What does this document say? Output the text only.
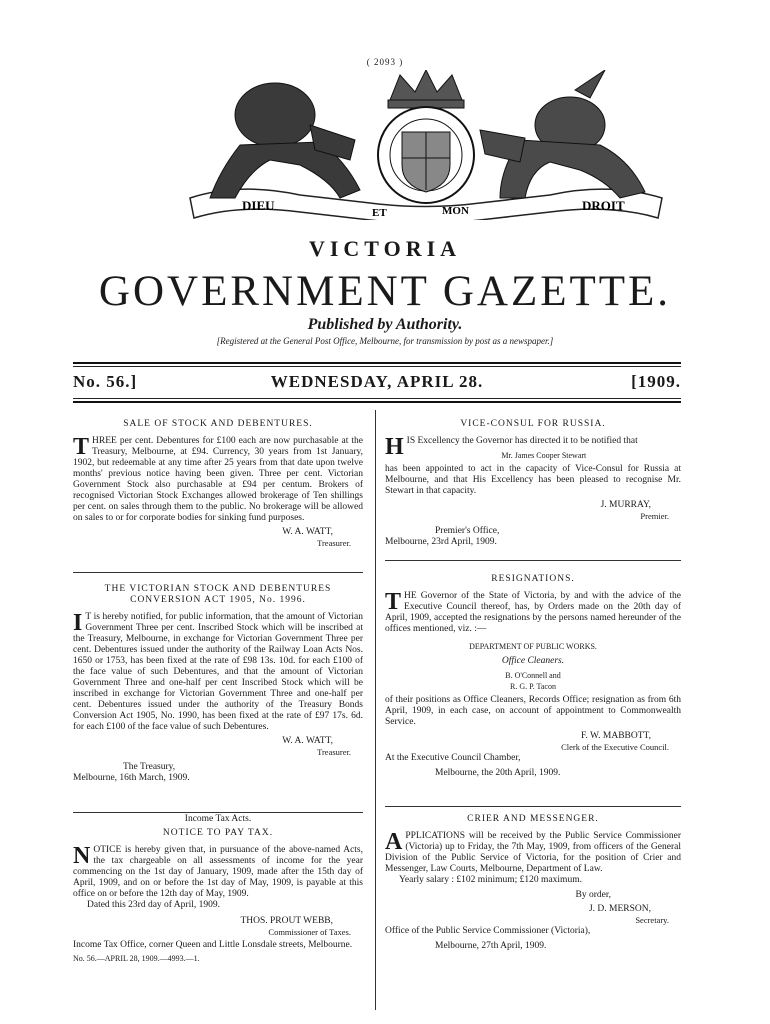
( 2093 )
DIEU	ET	MON	DROIT
VICTORIA
GOVERNMENT GAZETTE.
Published by Authority.
[Registered at the General Post Office, Melbourne, for transmission by post as a newspaper.]
No. 56.]	WEDNESDAY, APRIL 28.	[1909.
SALE OF STOCK AND DEBENTURES.

THREE per cent. Debentures for £100 each are now purchasable at the Treasury, Melbourne, at £94. Currency, 30 years from 1st January, 1902, but redeemable at any time after 25 years from that date upon twelve months' previous notice having been given. Three per cent. Victorian Government Stock also purchasable at £94 per centum. Brokers of recognised Victorian Stock Exchanges allowed brokerage of Ten shillings per cent. on sales through them to the public. No brokerage will be allowed on sales to or for corporate bodies for sinking fund purposes.

W. A. WATT,
Treasurer.
THE VICTORIAN STOCK AND DEBENTURES CONVERSION ACT 1905, No. 1996.

I T is hereby notified, for public information, that the amount of Victorian Government Three per cent. Inscribed Stock which will be inscribed at the Treasury, Melbourne, in exchange for Victorian Government Three per cent. Debentures issued under the authority of the Railway Loan Acts Nos. 1650 or 1753, has been fixed at the rate of £98 13s. 10d. for each £100 of the face value of such Debentures, and that the amount of Victorian Government Three and one-half per cent Inscribed Stock which will be inscribed in exchange for Victorian Government Three and one-half per cent. Debentures issued under the authority of the Treasury Bonds Conversion Act 1905, No. 1990, has been fixed at the rate of £97 17s. 6d. for each £100 of the face value of such Debentures.

W. A. WATT,
Treasurer.
The Treasury,
Melbourne, 16th March, 1909.
Income Tax Acts.
NOTICE TO PAY TAX.

NOTICE is hereby given that, in pursuance of the above-named Acts, the tax chargeable on all assessments of income for the year commencing on the 1st day of January, 1909, made after the 15th day of April, 1909, and on or before the 1st day of May, 1909, is payable at this office on or before the 12th day of May, 1909.

Dated this 23rd day of April, 1909.

THOS. PROUT WEBB,
Commissioner of Taxes.

Income Tax Office, corner Queen and Little Lonsdale streets, Melbourne.

No. 56.—APRIL 28, 1909.—4993.—1.

VICE-CONSUL FOR RUSSIA.

HIS Excellency the Governor has directed it to be notified that

Mr. James Cooper Stewart

has been appointed to act in the capacity of Vice-Consul for Russia at Melbourne, and that His Excellency has been pleased to recognise Mr. Stewart in that capacity.

J. MURRAY,
Premier.
Premier's Office,
Melbourne, 23rd April, 1909.
RESIGNATIONS.

THE Governor of the State of Victoria, by and with the advice of the Executive Council thereof, has, by Orders made on the 20th day of April, 1909, accepted the resignations by the persons named hereunder of the offices mentioned, viz. :—

DEPARTMENT OF PUBLIC WORKS.

Office Cleaners.

B. O'Connell and

R. G. P. Tacon

of their positions as Office Cleaners, Records Office; resignation as from 6th April, 1909, in each case, on account of appointment to Commonwealth Service.

F. W. MABBOTT,
Clerk of the Executive Council.
At the Executive Council Chamber,
Melbourne, the 20th April, 1909.
CRIER AND MESSENGER.

APPLICATIONS will be received by the Public Service Commissioner (Victoria) up to Friday, the 7th May, 1909, from officers of the General Division of the Public Service of Victoria, for the position of Crier and Messenger, Law Courts, Melbourne, Department of Law.

Yearly salary : £102 minimum; £120 maximum.

By order,
J. D. MERSON,
Secretary.
Office of the Public Service Commissioner (Victoria),
Melbourne, 27th April, 1909.
